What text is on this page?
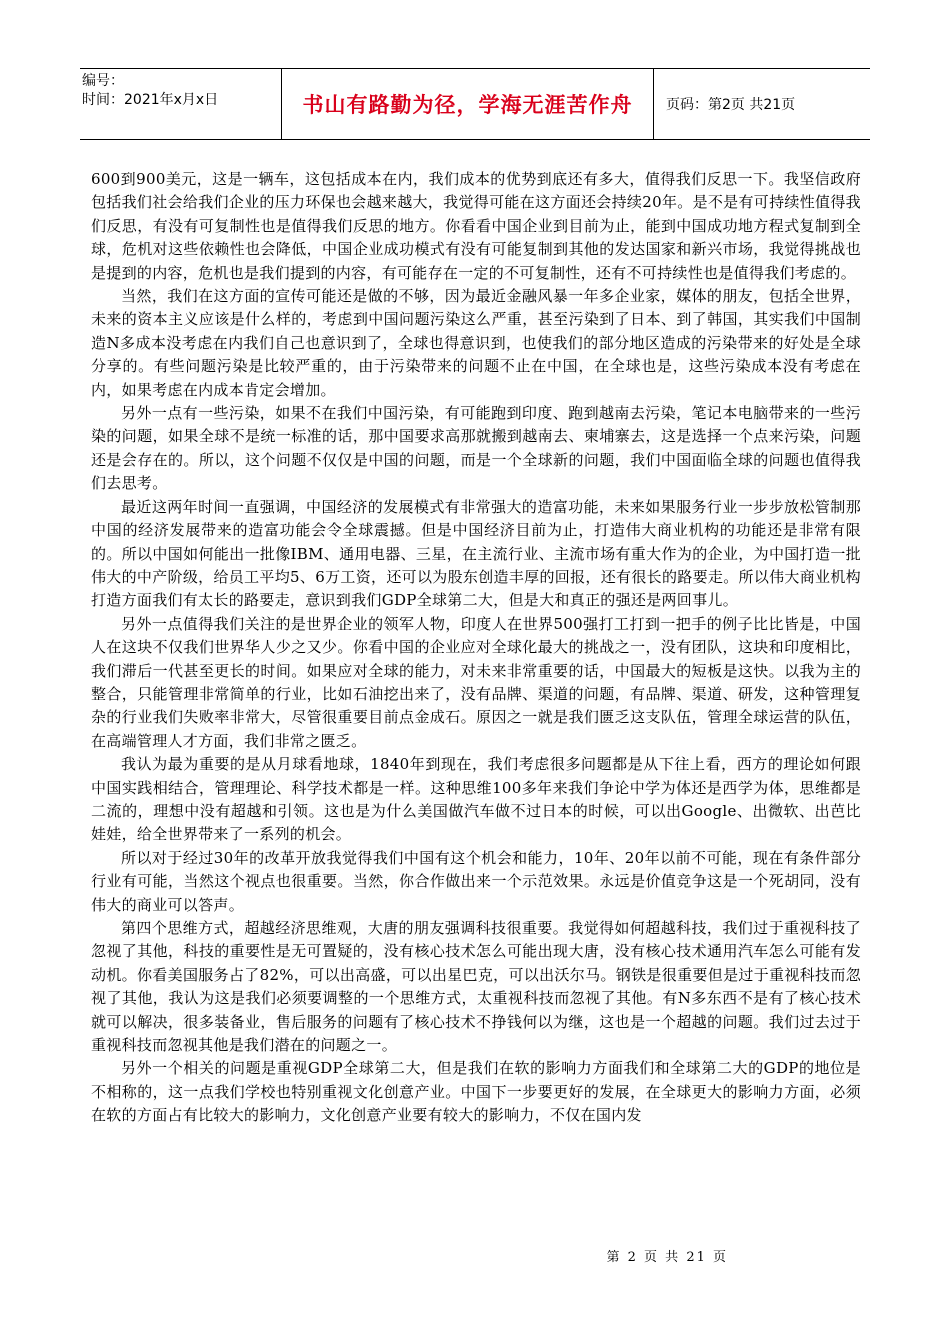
编号：
时间：2021年x月x日	书山有路勤为径，学海无涯苦作舟	页码：第2页 共21页

600到900美元，这是一辆车，这包括成本在内，我们成本的优势到底还有多大，值得我们反思一下。我坚信政府包括我们社会给我们企业的压力环保也会越来越大，我觉得可能在这方面还会持续20年。是不是有可持续性值得我们反思，有没有可复制性也是值得我们反思的地方。你看看中国企业到目前为止，能到中国成功地方程式复制到全球，危机对这些依赖性也会降低，中国企业成功模式有没有可能复制到其他的发达国家和新兴市场，我觉得挑战也是提到的内容，危机也是我们提到的内容，有可能存在一定的不可复制性，还有不可持续性也是值得我们考虑的。

当然，我们在这方面的宣传可能还是做的不够，因为最近金融风暴一年多企业家，媒体的朋友，包括全世界，未来的资本主义应该是什么样的，考虑到中国问题污染这么严重，甚至污染到了日本、到了韩国，其实我们中国制造N多成本没考虑在内我们自己也意识到了，全球也得意识到，也使我们的部分地区造成的污染带来的好处是全球分享的。有些问题污染是比较严重的，由于污染带来的问题不止在中国，在全球也是，这些污染成本没有考虑在内，如果考虑在内成本肯定会增加。

另外一点有一些污染，如果不在我们中国污染，有可能跑到印度、跑到越南去污染，笔记本电脑带来的一些污染的问题，如果全球不是统一标准的话，那中国要求高那就搬到越南去、柬埔寨去，这是选择一个点来污染，问题还是会存在的。所以，这个问题不仅仅是中国的问题，而是一个全球新的问题，我们中国面临全球的问题也值得我们去思考。

最近这两年时间一直强调，中国经济的发展模式有非常强大的造富功能，未来如果服务行业一步步放松管制那中国的经济发展带来的造富功能会令全球震撼。但是中国经济目前为止，打造伟大商业机构的功能还是非常有限的。所以中国如何能出一批像IBM、通用电器、三星，在主流行业、主流市场有重大作为的企业，为中国打造一批伟大的中产阶级，给员工平均5、6万工资，还可以为股东创造丰厚的回报，还有很长的路要走。所以伟大商业机构打造方面我们有太长的路要走，意识到我们GDP全球第二大，但是大和真正的强还是两回事儿。

另外一点值得我们关注的是世界企业的领军人物，印度人在世界500强打工打到一把手的例子比比皆是，中国人在这块不仅我们世界华人少之又少。你看中国的企业应对全球化最大的挑战之一，没有团队，这块和印度相比，我们滞后一代甚至更长的时间。如果应对全球的能力，对未来非常重要的话，中国最大的短板是这快。以我为主的整合，只能管理非常简单的行业，比如石油挖出来了，没有品牌、渠道的问题，有品牌、渠道、研发，这种管理复杂的行业我们失败率非常大，尽管很重要目前点金成石。原因之一就是我们匮乏这支队伍，管理全球运营的队伍，在高端管理人才方面，我们非常之匮乏。

我认为最为重要的是从月球看地球，1840年到现在，我们考虑很多问题都是从下往上看，西方的理论如何跟中国实践相结合，管理理论、科学技术都是一样。这种思维100多年来我们争论中学为体还是西学为体，思维都是二流的，理想中没有超越和引领。这也是为什么美国做汽车做不过日本的时候，可以出Google、出微软、出芭比娃娃，给全世界带来了一系列的机会。

所以对于经过30年的改革开放我觉得我们中国有这个机会和能力，10年、20年以前不可能，现在有条件部分行业有可能，当然这个视点也很重要。当然，你合作做出来一个示范效果。永远是价值竞争这是一个死胡同，没有伟大的商业可以答声。

第四个思维方式，超越经济思维观，大唐的朋友强调科技很重要。我觉得如何超越科技，我们过于重视科技了忽视了其他，科技的重要性是无可置疑的，没有核心技术怎么可能出现大唐，没有核心技术通用汽车怎么可能有发动机。你看美国服务占了82%，可以出高盛，可以出星巴克，可以出沃尔马。钢铁是很重要但是过于重视科技而忽视了其他，我认为这是我们必须要调整的一个思维方式，太重视科技而忽视了其他。有N多东西不是有了核心技术就可以解决，很多装备业，售后服务的问题有了核心技术不挣钱何以为继，这也是一个超越的问题。我们过去过于重视科技而忽视其他是我们潜在的问题之一。

另外一个相关的问题是重视GDP全球第二大，但是我们在软的影响力方面我们和全球第二大的GDP的地位是不相称的，这一点我们学校也特别重视文化创意产业。中国下一步要更好的发展，在全球更大的影响力方面，必须在软的方面占有比较大的影响力，文化创意产业要有较大的影响力，不仅在国内发

第 2 页 共 21 页
